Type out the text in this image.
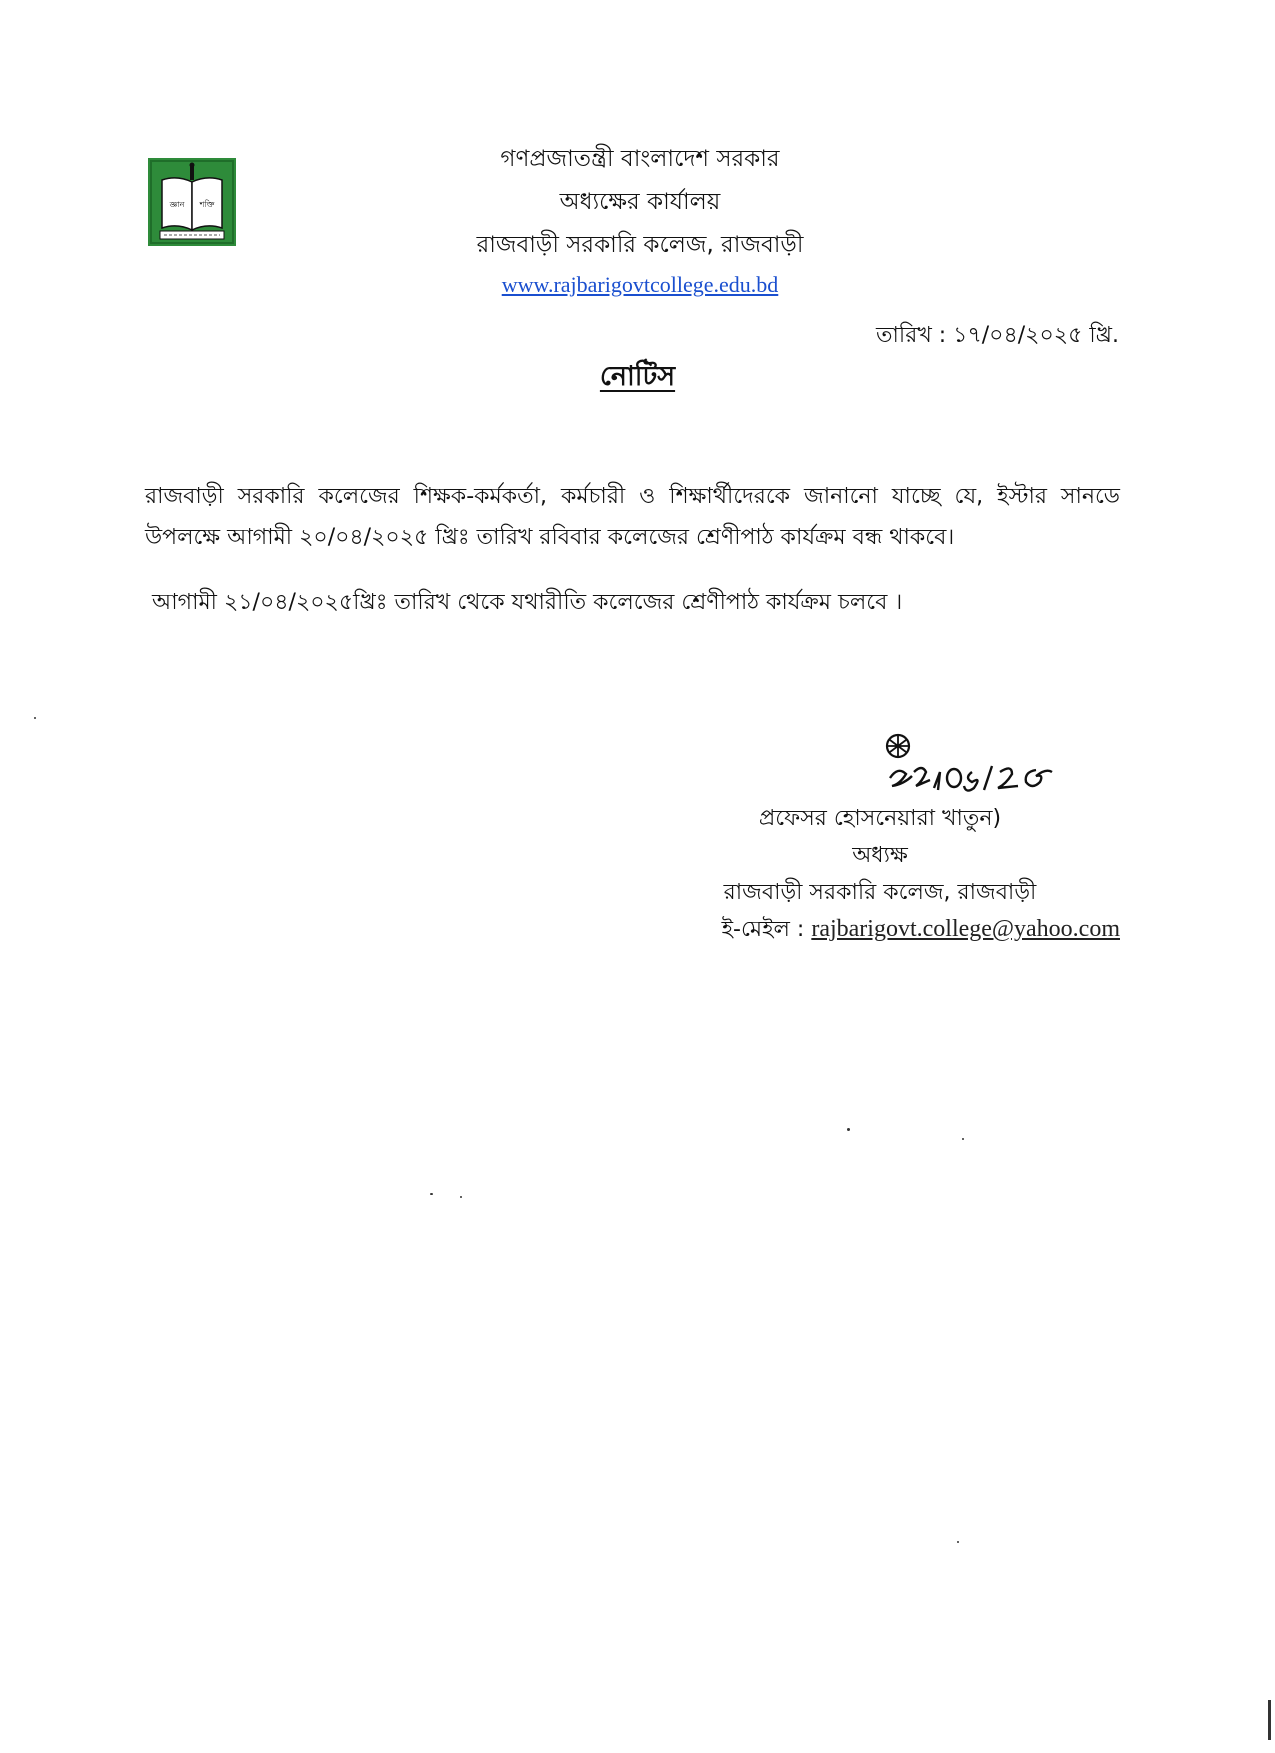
জ্ঞান শক্তি
গণপ্রজাতন্ত্রী বাংলাদেশ সরকার
অধ্যক্ষের কার্যালয়
রাজবাড়ী সরকারি কলেজ, রাজবাড়ী
www.rajbarigovtcollege.edu.bd
তারিখ : ১৭/০৪/২০২৫ খ্রি.
নোটিস
রাজবাড়ী সরকারি কলেজের শিক্ষক-কর্মকর্তা, কর্মচারী ও শিক্ষার্থীদেরকে জানানো যাচ্ছে যে, ইস্টার সানডে উপলক্ষে আগামী ২০/০৪/২০২৫ খ্রিঃ তারিখ রবিবার কলেজের শ্রেণীপাঠ কার্যক্রম বন্ধ থাকবে।
আগামী ২১/০৪/২০২৫খ্রিঃ তারিখ থেকে যথারীতি কলেজের শ্রেণীপাঠ কার্যক্রম চলবে ।
প্রফেসর হোসনেয়ারা খাতুন)
অধ্যক্ষ
রাজবাড়ী সরকারি কলেজ, রাজবাড়ী
ই-মেইল : rajbarigovt.college@yahoo.com
